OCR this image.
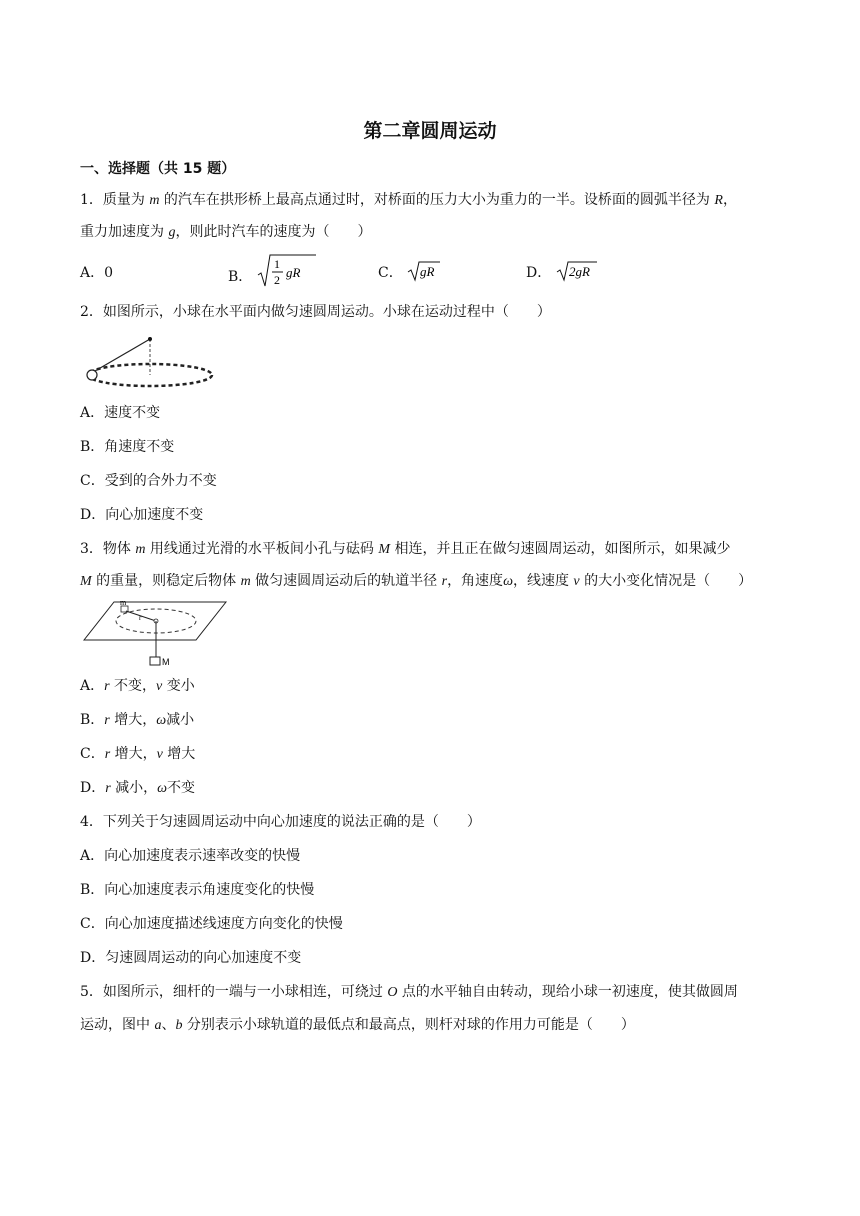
第二章圆周运动
一、选择题（共 15 题）
1．质量为 m 的汽车在拱形桥上最高点通过时，对桥面的压力大小为重力的一半。设桥面的圆弧半径为 R，
重力加速度为 g，则此时汽车的速度为（　　）
A．0	B．
1
2 gR	C． gR	D． 2gR
2．如图所示，小球在水平面内做匀速圆周运动。小球在运动过程中（　　）
A．速度不变
B．角速度不变
C．受到的合外力不变
D．向心加速度不变
3．物体 m 用线通过光滑的水平板间小孔与砝码 M 相连，并且正在做匀速圆周运动，如图所示，如果减少
M 的重量，则稳定后物体 m 做匀速圆周运动后的轨道半径 r，角速度ω，线速度 v 的大小变化情况是（　　）
m
r
M
A．r 不变，v 变小
B．r 增大，ω减小
C．r 增大，v 增大
D．r 减小，ω不变
4．下列关于匀速圆周运动中向心加速度的说法正确的是（　　）
A．向心加速度表示速率改变的快慢
B．向心加速度表示角速度变化的快慢
C．向心加速度描述线速度方向变化的快慢
D．匀速圆周运动的向心加速度不变
5．如图所示，细杆的一端与一小球相连，可绕过 O 点的水平轴自由转动，现给小球一初速度，使其做圆周
运动，图中 a、b 分别表示小球轨道的最低点和最高点，则杆对球的作用力可能是（　　）
